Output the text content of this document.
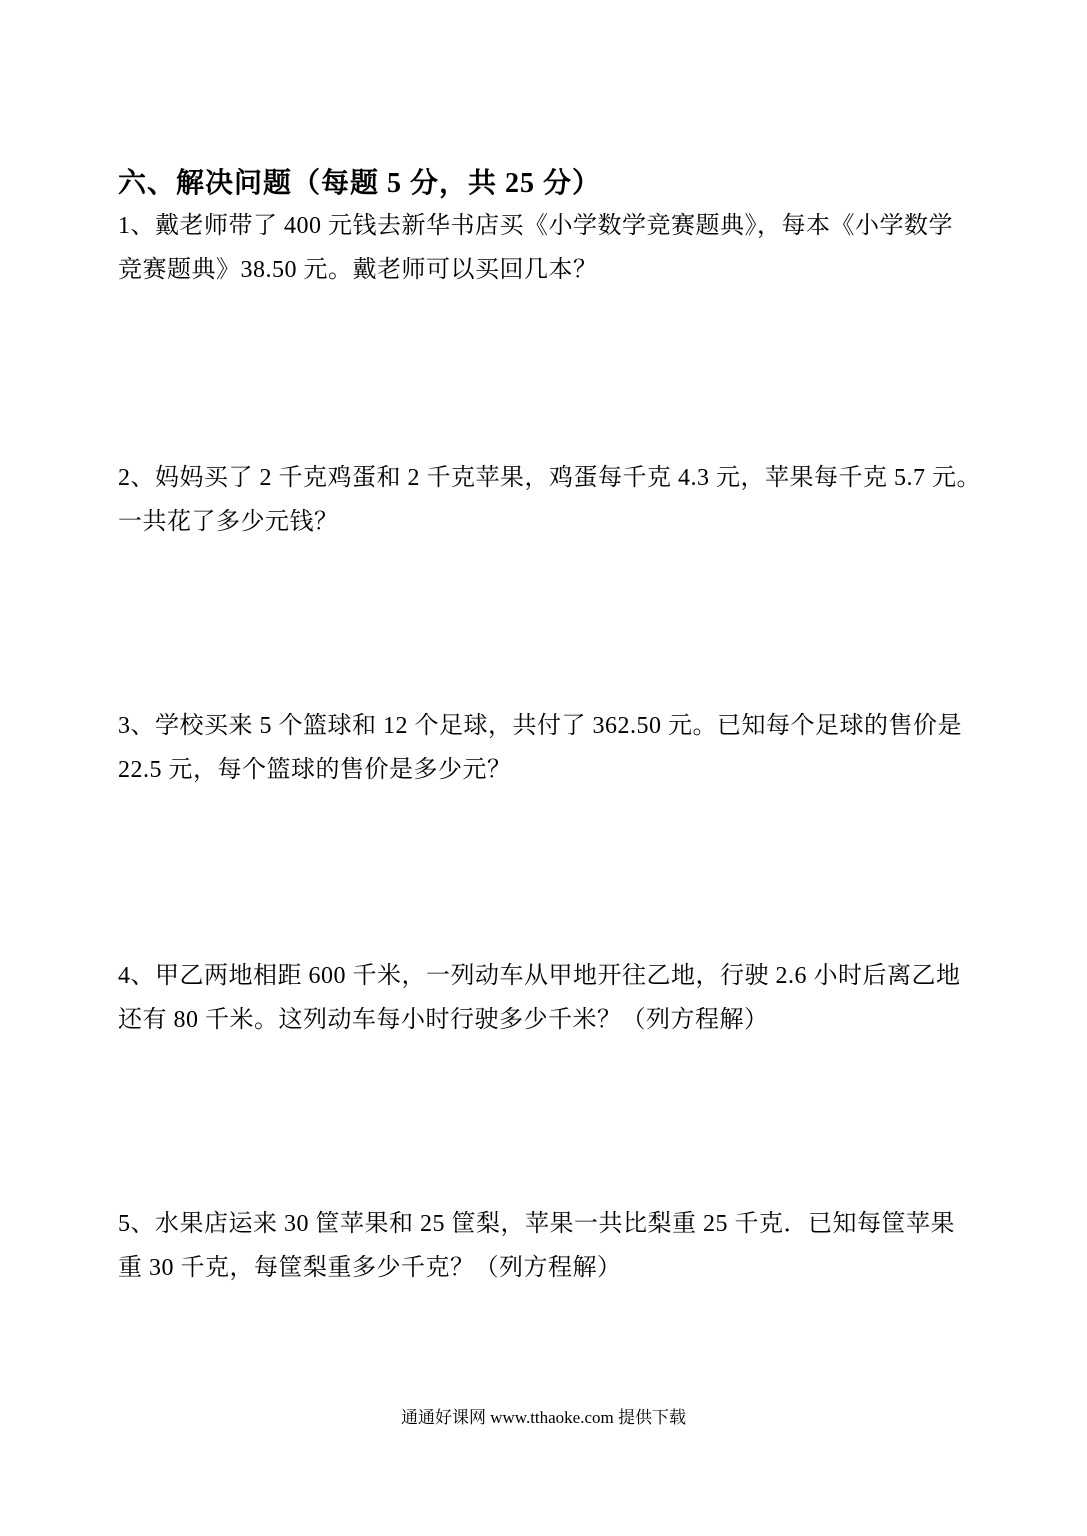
六、解决问题（每题 5 分，共 25 分）
1、戴老师带了 400 元钱去新华书店买《小学数学竞赛题典》，每本《小学数学
竞赛题典》38.50 元。戴老师可以买回几本？
2、妈妈买了 2 千克鸡蛋和 2 千克苹果，鸡蛋每千克 4.3 元，苹果每千克 5.7 元。
一共花了多少元钱？
3、学校买来 5 个篮球和 12 个足球，共付了 362.50 元。已知每个足球的售价是
22.5 元，每个篮球的售价是多少元？
4、甲乙两地相距 600 千米，一列动车从甲地开往乙地，行驶 2.6 小时后离乙地
还有 80 千米。这列动车每小时行驶多少千米？（列方程解）
5、水果店运来 30 筐苹果和 25 筐梨，苹果一共比梨重 25 千克．已知每筐苹果
重 30 千克，每筐梨重多少千克？（列方程解）
通通好课网 www.tthaoke.com 提供下载
